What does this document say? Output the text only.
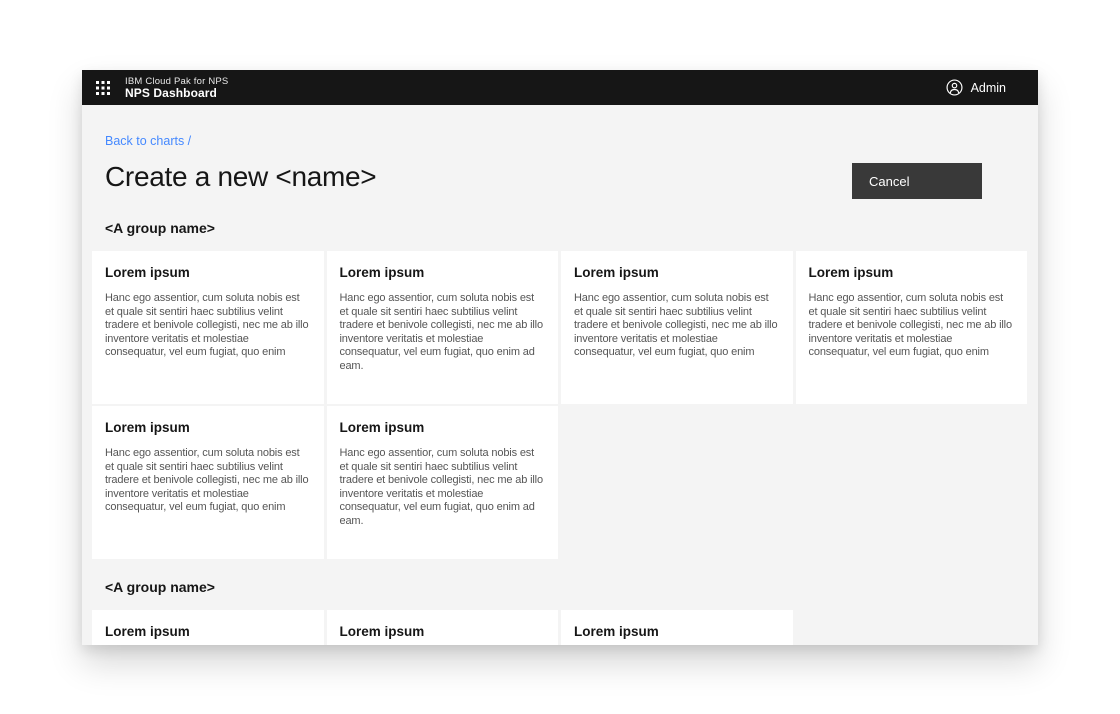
IBM Cloud Pak for NPS
NPS Dashboard	Admin
Back to charts /
Create a new <name>	Cancel
<A group name>
Lorem ipsum

Hanc ego assentior, cum soluta nobis est et quale sit sentiri haec subtilius velint tradere et benivole collegisti, nec me ab illo inventore veritatis et molestiae consequatur, vel eum fugiat, quo enim

Lorem ipsum

Hanc ego assentior, cum soluta nobis est et quale sit sentiri haec subtilius velint tradere et benivole collegisti, nec me ab illo inventore veritatis et molestiae consequatur, vel eum fugiat, quo enim ad eam.

Lorem ipsum

Hanc ego assentior, cum soluta nobis est et quale sit sentiri haec subtilius velint tradere et benivole collegisti, nec me ab illo inventore veritatis et molestiae consequatur, vel eum fugiat, quo enim

Lorem ipsum

Hanc ego assentior, cum soluta nobis est et quale sit sentiri haec subtilius velint tradere et benivole collegisti, nec me ab illo inventore veritatis et molestiae consequatur, vel eum fugiat, quo enim

Lorem ipsum

Hanc ego assentior, cum soluta nobis est et quale sit sentiri haec subtilius velint tradere et benivole collegisti, nec me ab illo inventore veritatis et molestiae consequatur, vel eum fugiat, quo enim

Lorem ipsum

Hanc ego assentior, cum soluta nobis est et quale sit sentiri haec subtilius velint tradere et benivole collegisti, nec me ab illo inventore veritatis et molestiae consequatur, vel eum fugiat, quo enim ad eam.

<A group name>
Lorem ipsum	Lorem ipsum	Lorem ipsum
